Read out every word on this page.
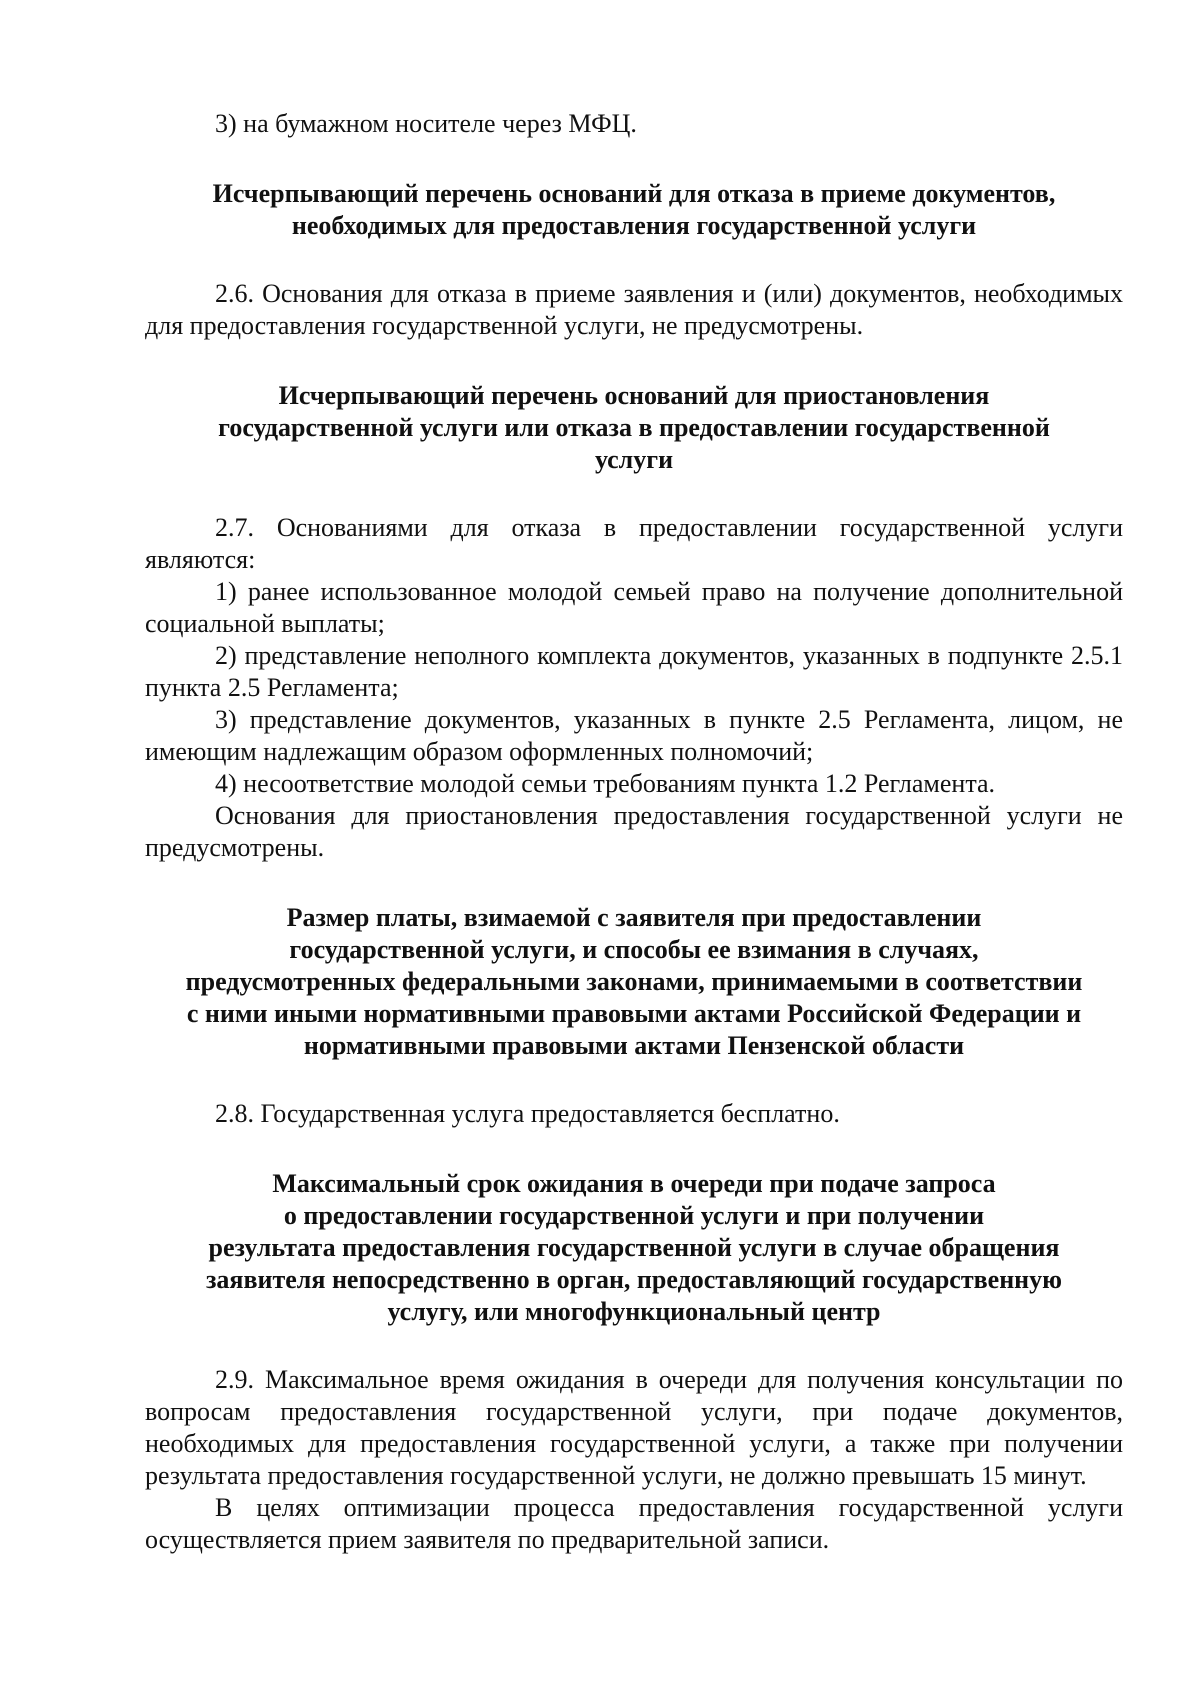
3) на бумажном носителе через МФЦ.

Исчерпывающий перечень оснований для отказа в приеме документов,
необходимых для предоставления государственной услуги

2.6. Основания для отказа в приеме заявления и (или) документов, необходимых для предоставления государственной услуги, не предусмотрены.

Исчерпывающий перечень оснований для приостановления
государственной услуги или отказа в предоставлении государственной
услуги

2.7. Основаниями для отказа в предоставлении государственной услуги являются:

1) ранее использованное молодой семьей право на получение дополнительной социальной выплаты;

2) представление неполного комплекта документов, указанных в подпункте 2.5.1 пункта 2.5 Регламента;

3) представление документов, указанных в пункте 2.5 Регламента, лицом, не имеющим надлежащим образом оформленных полномочий;

4) несоответствие молодой семьи требованиям пункта 1.2 Регламента.

Основания для приостановления предоставления государственной услуги не предусмотрены.

Размер платы, взимаемой с заявителя при предоставлении
государственной услуги, и способы ее взимания в случаях,
предусмотренных федеральными законами, принимаемыми в соответствии
с ними иными нормативными правовыми актами Российской Федерации и
нормативными правовыми актами Пензенской области

2.8. Государственная услуга предоставляется бесплатно.

Максимальный срок ожидания в очереди при подаче запроса
о предоставлении государственной услуги и при получении
результата предоставления государственной услуги в случае обращения
заявителя непосредственно в орган, предоставляющий государственную
услугу, или многофункциональный центр

2.9. Максимальное время ожидания в очереди для получения консультации по вопросам предоставления государственной услуги, при подаче документов, необходимых для предоставления государственной услуги, а также при получении результата предоставления государственной услуги, не должно превышать 15 минут.

В целях оптимизации процесса предоставления государственной услуги осуществляется прием заявителя по предварительной записи.
